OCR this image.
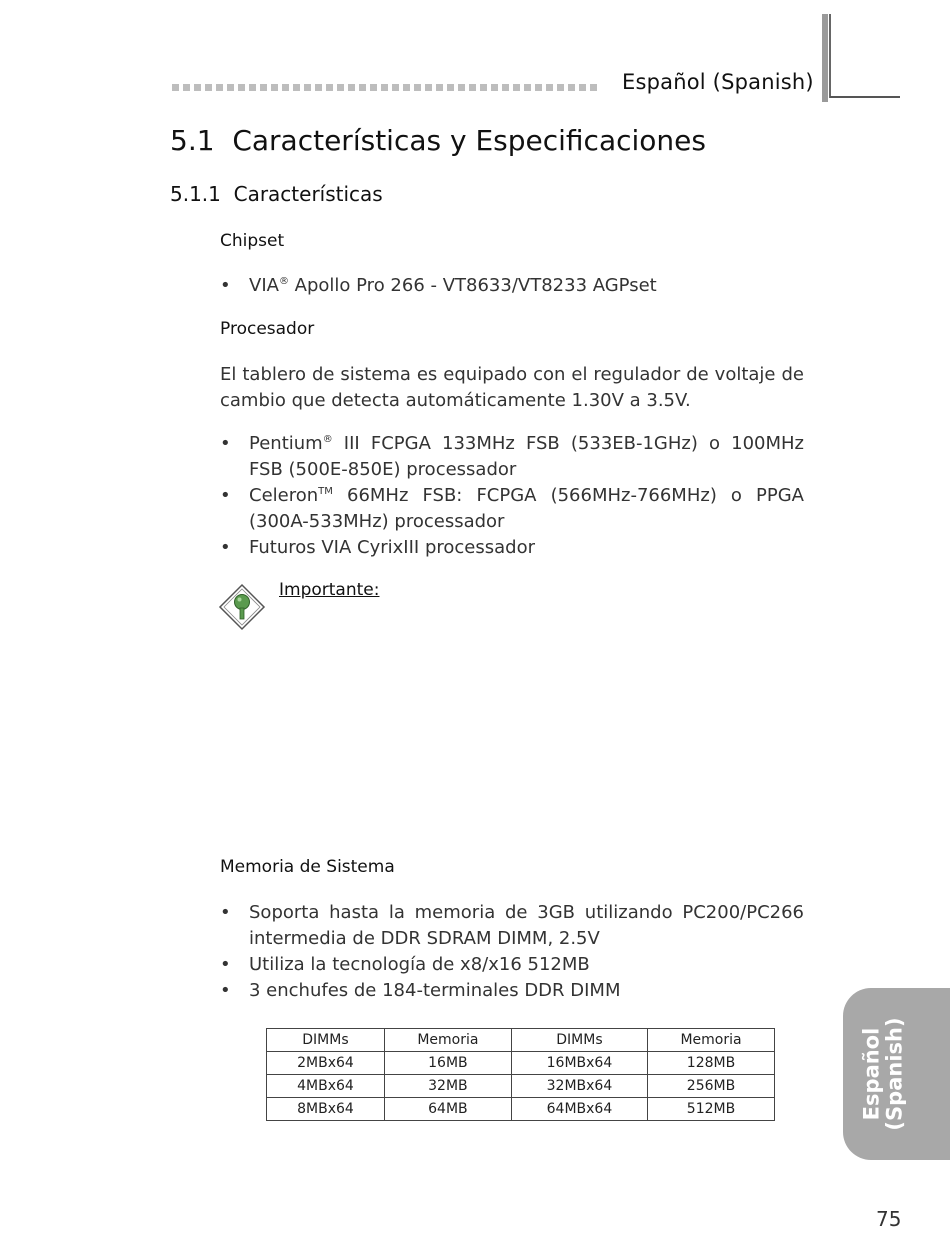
Español (Spanish)
5.1  Características y Especificaciones
5.1.1  Características
Chipset
• VIA® Apollo Pro 266 - VT8633/VT8233 AGPset
Procesador
El tablero de sistema es equipado con el regulador de voltaje de cambio que detecta automáticamente 1.30V a 3.5V.
• Pentium® III FCPGA 133MHz FSB (533EB-1GHz) o 100MHz FSB (500E-850E) processador
• Celeron™ 66MHz FSB: FCPGA (566MHz-766MHz) o PPGA (300A-533MHz) processador
• Futuros VIA CyrixIII processador
Importante:
Memoria de Sistema
• Soporta hasta la memoria de 3GB utilizando PC200/PC266 intermedia de DDR SDRAM DIMM, 2.5V
• Utiliza la tecnología de x8/x16 512MB
• 3 enchufes de 184-terminales DDR DIMM
DIMMs	Memoria	DIMMs	Memoria
2MBx64	16MB	16MBx64	128MB
4MBx64	32MB	32MBx64	256MB
8MBx64	64MB	64MBx64	512MB	Español (Spanish)
75
